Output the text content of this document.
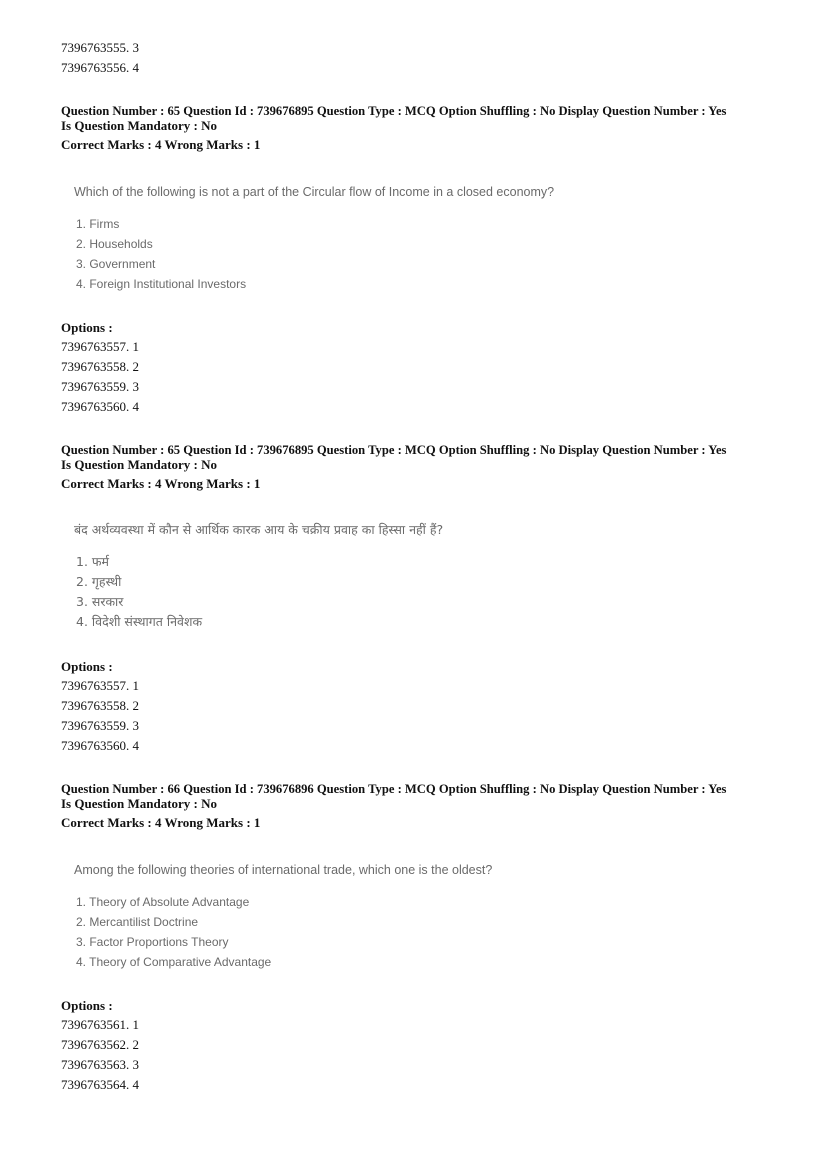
7396763555. 3
7396763556. 4
Question Number : 65 Question Id : 739676895 Question Type : MCQ Option Shuffling : No Display Question Number : Yes
Is Question Mandatory : No
Correct Marks : 4 Wrong Marks : 1
Which of the following is not a part of the Circular flow of Income in a closed economy?
1. Firms
2. Households
3. Government
4. Foreign Institutional Investors
Options :
7396763557. 1
7396763558. 2
7396763559. 3
7396763560. 4
Question Number : 65 Question Id : 739676895 Question Type : MCQ Option Shuffling : No Display Question Number : Yes
Is Question Mandatory : No
Correct Marks : 4 Wrong Marks : 1
बंद अर्थव्यवस्था में कौन से आर्थिक कारक आय के चक्रीय प्रवाह का हिस्सा नहीं हैं?
1. फर्म
2. गृहस्थी
3. सरकार
4. विदेशी संस्थागत निवेशक
Options :
7396763557. 1
7396763558. 2
7396763559. 3
7396763560. 4
Question Number : 66 Question Id : 739676896 Question Type : MCQ Option Shuffling : No Display Question Number : Yes
Is Question Mandatory : No
Correct Marks : 4 Wrong Marks : 1
Among the following theories of international trade, which one is the oldest?
1. Theory of Absolute Advantage
2. Mercantilist Doctrine
3. Factor Proportions Theory
4. Theory of Comparative Advantage
Options :
7396763561. 1
7396763562. 2
7396763563. 3
7396763564. 4
